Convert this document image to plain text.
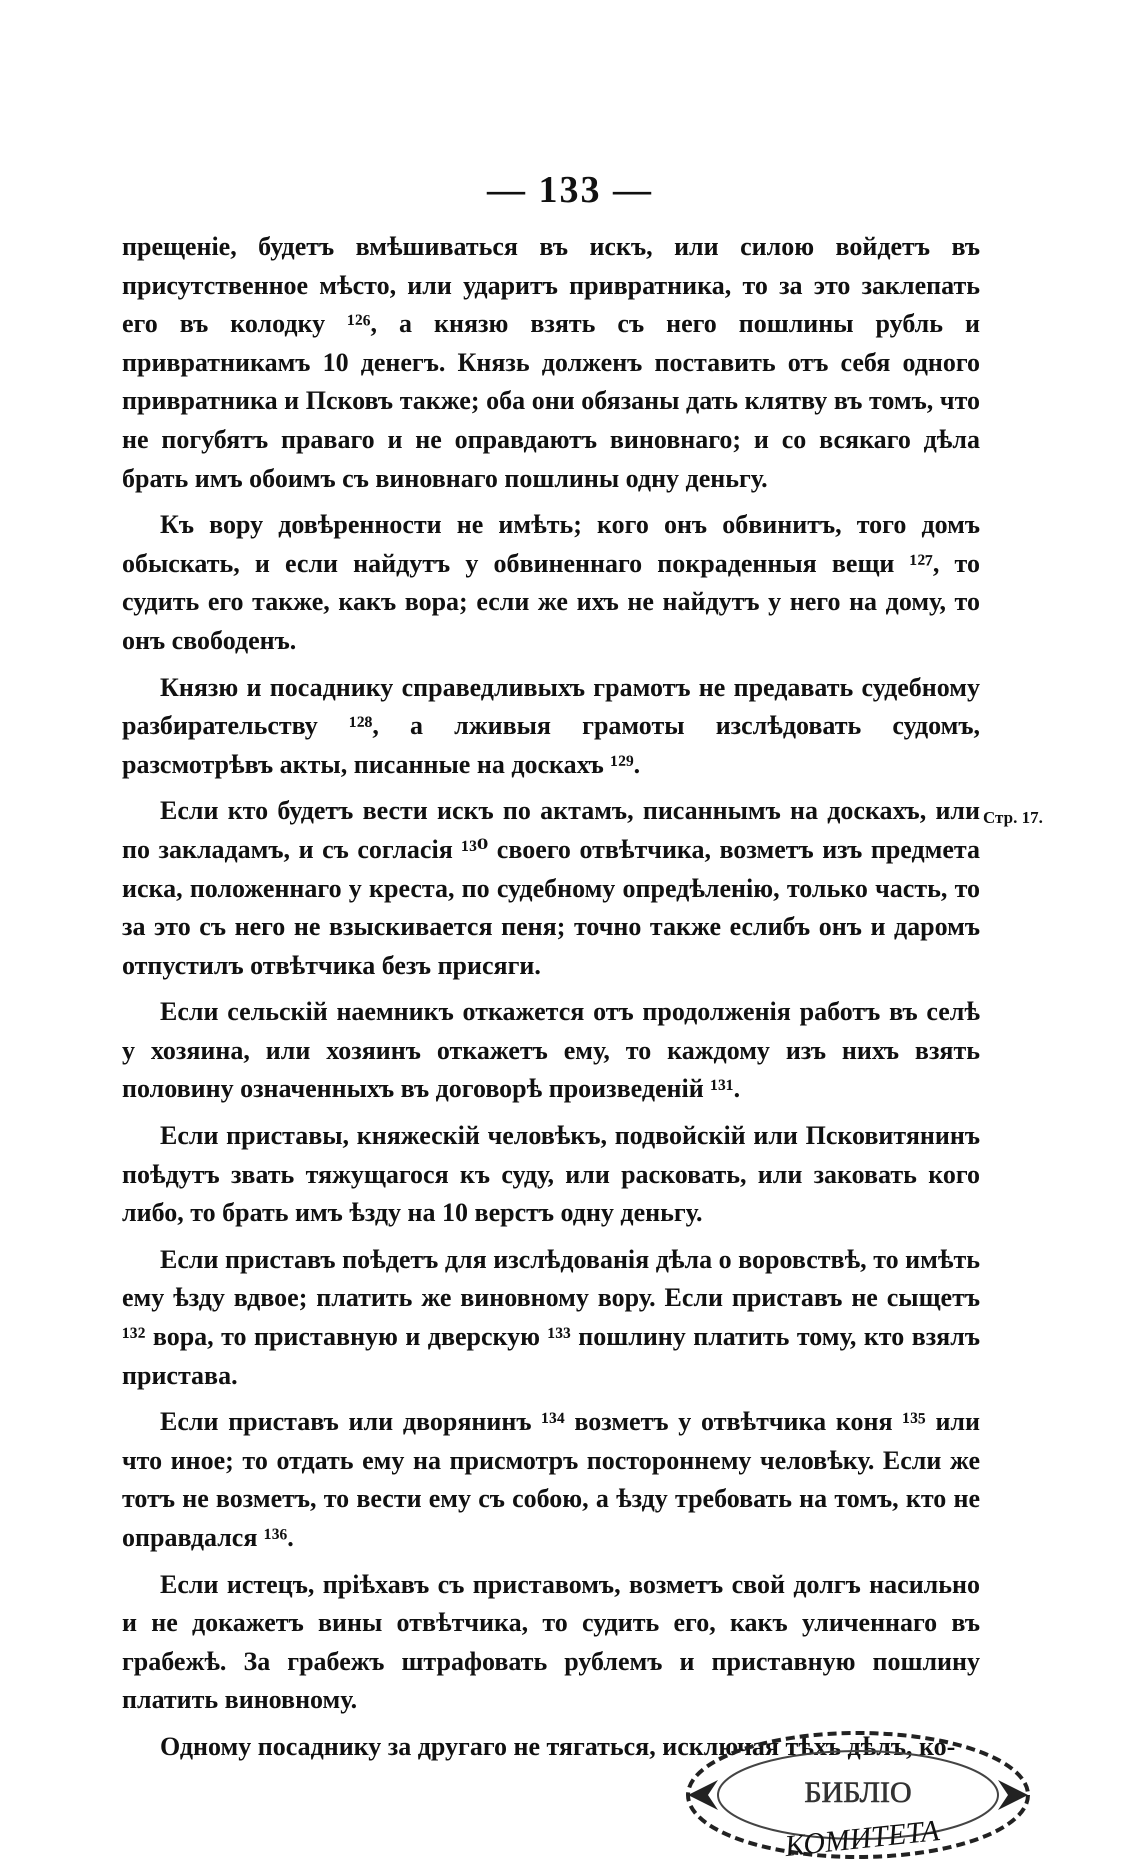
— 133 —

прещеніе, будетъ вмѣшиваться въ искъ, или силою войдетъ въ присутственное мѣсто, или ударитъ привратника, то за это заклепать его въ колодку ¹²⁶, а князю взять съ него пошлины рубль и привратникамъ 10 денегъ. Князь долженъ поставить отъ себя одного привратника и Псковъ также; оба они обязаны дать клятву въ томъ, что не погубятъ праваго и не оправдаютъ виновнаго; и со всякаго дѣла брать имъ обоимъ съ виновнаго пошлины одну деньгу.

Къ вору довѣренности не имѣть; кого онъ обвинитъ, того домъ обыскать, и если найдутъ у обвиненнаго покраденныя вещи ¹²⁷, то судить его также, какъ вора; если же ихъ не найдутъ у него на дому, то онъ свободенъ.

Князю и посаднику справедливыхъ грамотъ не предавать судебному разбирательству ¹²⁸, а лживыя грамоты изслѣдовать судомъ, разсмотрѣвъ акты, писанные на доскахъ ¹²⁹.

Если кто будетъ вести искъ по актамъ, писаннымъ на доскахъ, или по закладамъ, и съ согласія ¹³⁰ своего отвѣтчика, возметъ изъ предмета иска, положеннаго у креста, по судебному опредѣленію, только часть, то за это съ него не взыскивается пеня; точно также еслибъ онъ и даромъ отпустилъ отвѣтчика безъ присяги.

Если сельскій наемникъ откажется отъ продолженія работъ въ селѣ у хозяина, или хозяинъ откажетъ ему, то каждому изъ нихъ взять половину означенныхъ въ договорѣ произведеній ¹³¹.

Если приставы, княжескій человѣкъ, подвойскій или Псковитянинъ поѣдутъ звать тяжущагося къ суду, или расковать, или заковать кого либо, то брать имъ ѣзду на 10 верстъ одну деньгу.

Если приставъ поѣдетъ для изслѣдованія дѣла о воровствѣ, то имѣть ему ѣзду вдвое; платить же виновному вору. Если приставъ не сыщетъ ¹³² вора, то приставную и дверскую ¹³³ пошлину платить тому, кто взялъ пристава.

Если приставъ или дворянинъ ¹³⁴ возметъ у отвѣтчика коня ¹³⁵ или что иное; то отдать ему на присмотръ постороннему человѣку. Если же тотъ не возметъ, то вести ему съ собою, а ѣзду требовать на томъ, кто не оправдался ¹³⁶.

Если истецъ, пріѣхавъ съ приставомъ, возметъ свой долгъ насильно и не докажетъ вины отвѣтчика, то судить его, какъ уличеннаго въ грабежѣ. За грабежъ штрафовать рублемъ и приставную пошлину платить виновному.

Одному посаднику за другаго не тягаться, исключая тѣхъ дѣлъ, ко-

Стр. 17.
БИБЛІО
КОМИТЕТА
